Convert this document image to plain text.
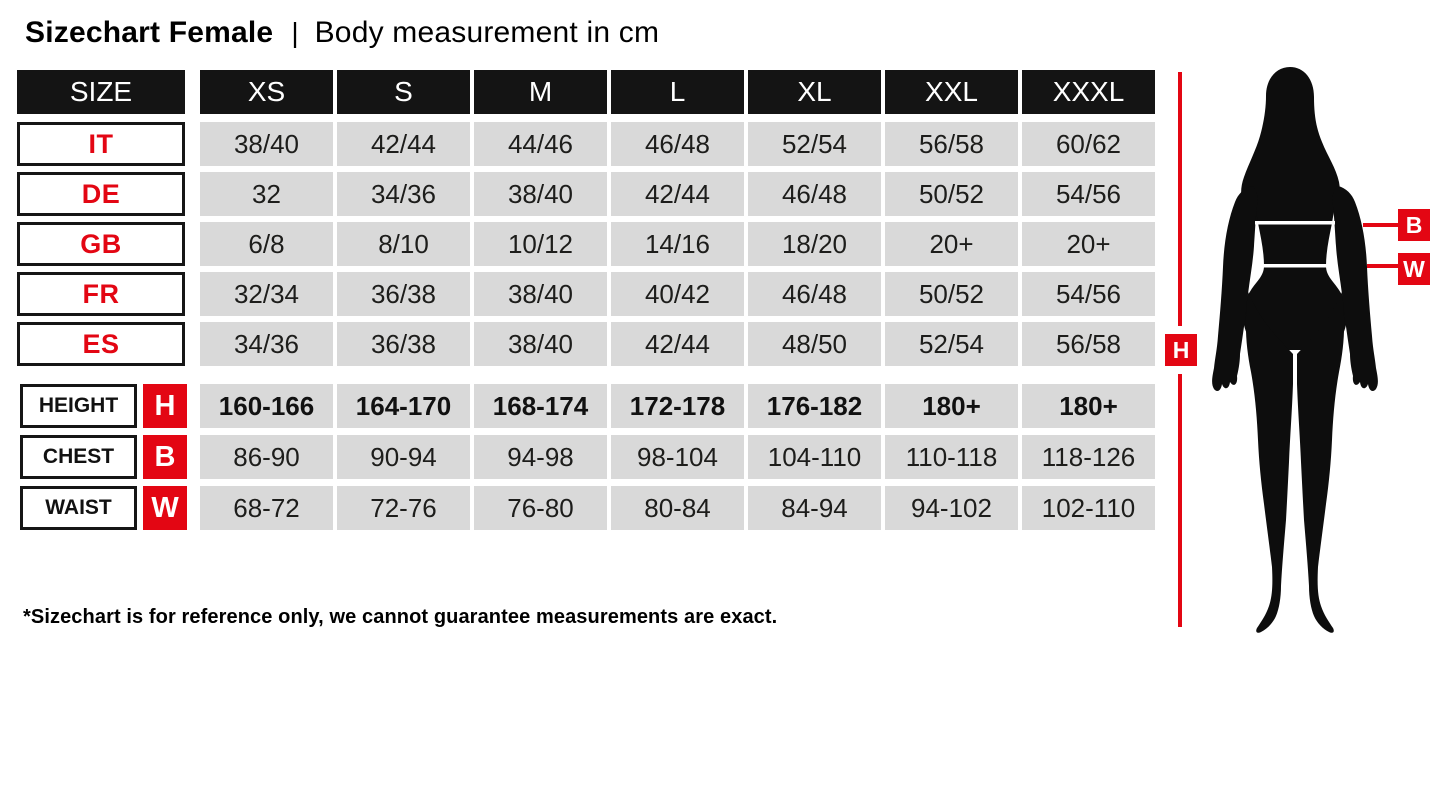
Sizechart Female | Body measurement in cm
SIZE	XS	S	M	L	XL	XXL	XXXL
IT	38/40	42/44	44/46	46/48	52/54	56/58	60/62
DE	32	34/36	38/40	42/44	46/48	50/52	54/56
GB	6/8	8/10	10/12	14/16	18/20	20+	20+
FR	32/34	36/38	38/40	40/42	46/48	50/52	54/56
ES	34/36	36/38	38/40	42/44	48/50	52/54	56/58
HEIGHT	H	160-166	164-170	168-174	172-178	176-182	180+	180+
CHEST	B	86-90	90-94	94-98	98-104	104-110	110-118	118-126
WAIST	W	68-72	72-76	76-80	80-84	84-94	94-102	102-110
H
B
W
*Sizechart is for reference only, we cannot guarantee measurements are exact.
